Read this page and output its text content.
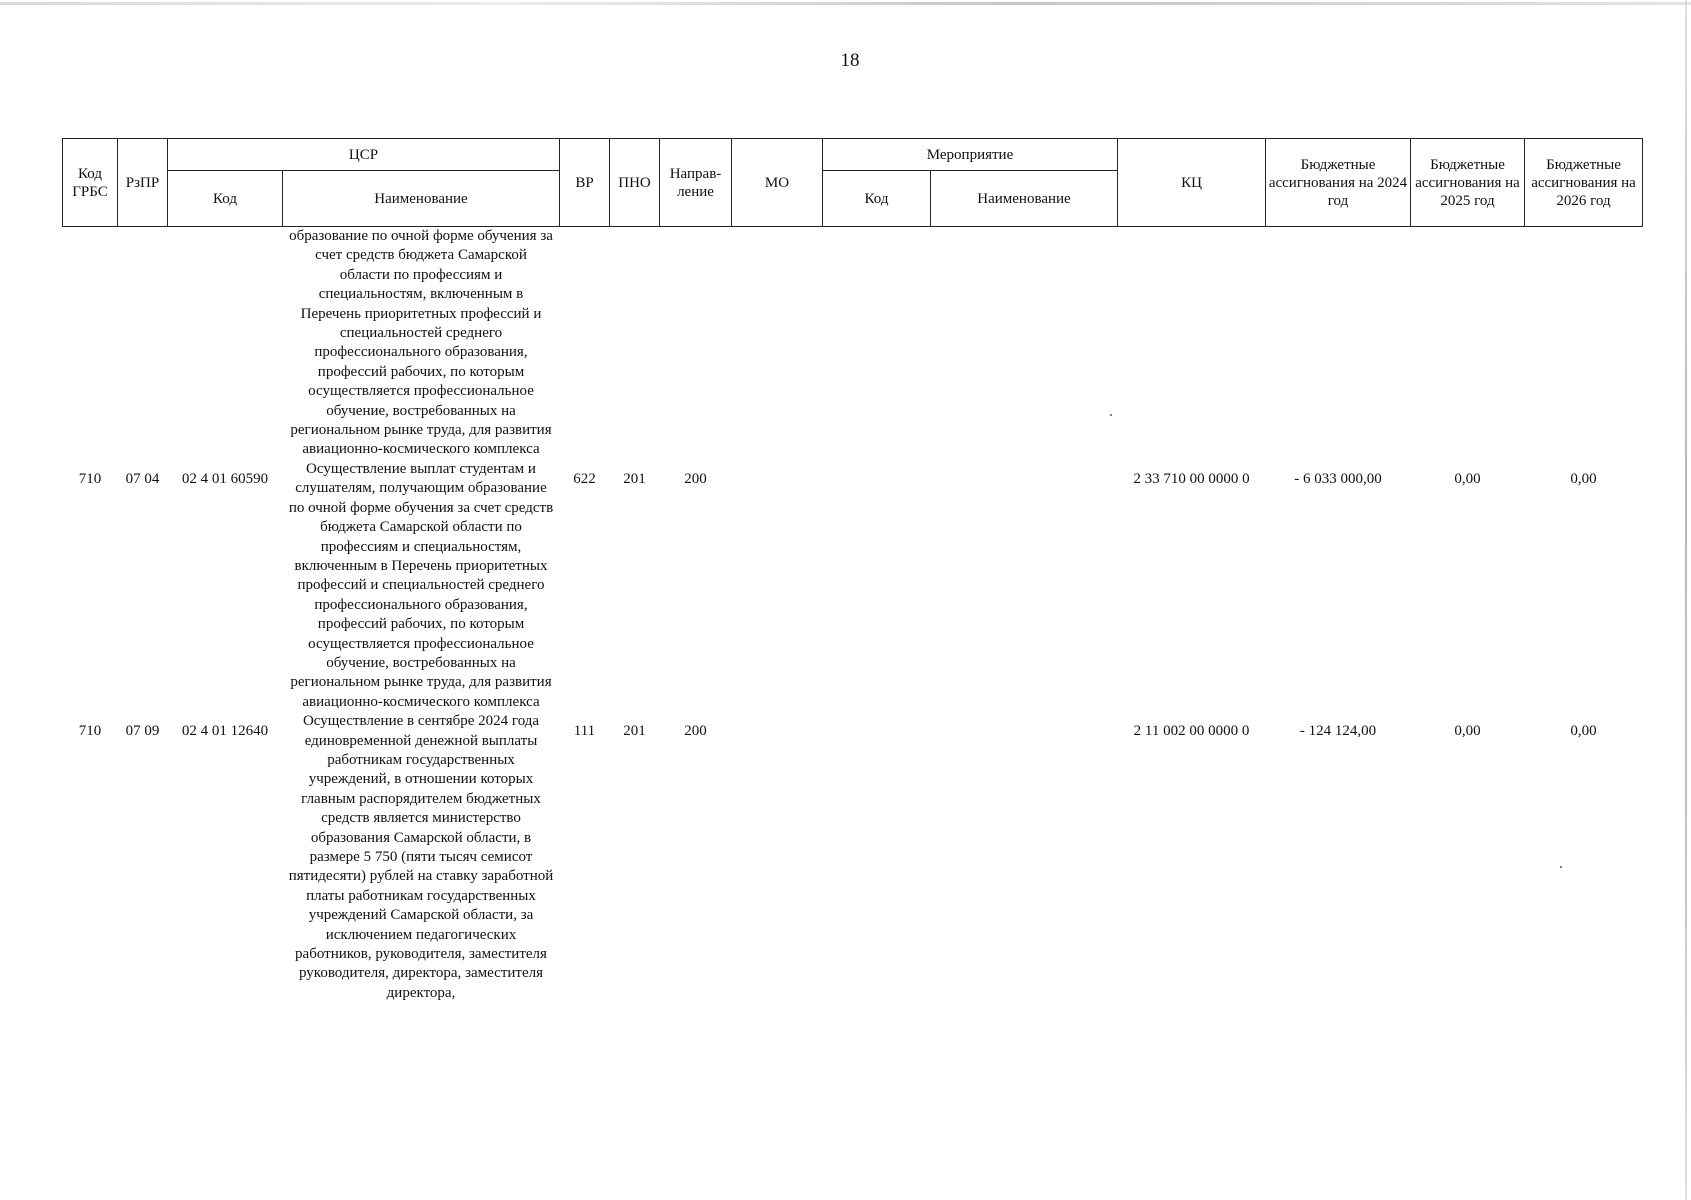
18
Код ГРБС	РзПР	ЦСР		ВР	ПНО	Направ-ление	МО	Мероприятие		КЦ	Бюджетные ассигнования на 2024 год	Бюджетные ассигнования на 2025 год	Бюджетные ассигнования на 2026 год
		Код	Наименование					Код	Наименование				
			образование по очной форме обучения за счет средств бюджета Самарской области по профессиям и специальностям, включенным в Перечень приоритетных профессий и специальностей среднего профессионального образования, профессий рабочих, по которым осуществляется профессиональное обучение, востребованных на региональном рынке труда, для развития авиационно-космического комплекса										
710	07 04	02 4 01 60590	Осуществление выплат студентам и слушателям, получающим образование по очной форме обучения за счет средств бюджета Самарской области по профессиям и специальностям, включенным в Перечень приоритетных профессий и специальностей среднего профессионального образования, профессий рабочих, по которым осуществляется профессиональное обучение, востребованных на региональном рынке труда, для развития авиационно-космического комплекса	622	201	200				2 33 710 00 0000 0	- 6 033 000,00	0,00	0,00
710	07 09	02 4 01 12640	Осуществление в сентябре 2024 года единовременной денежной выплаты работникам государственных учреждений, в отношении которых главным распорядителем бюджетных средств является министерство образования Самарской области, в размере 5 750 (пяти тысяч семисот пятидесяти) рублей на ставку заработной платы работникам государственных учреждений Самарской области, за исключением педагогических работников, руководителя, заместителя руководителя, директора, заместителя директора,	111	201	200				2 11 002 00 0000 0	- 124 124,00	0,00	0,00
